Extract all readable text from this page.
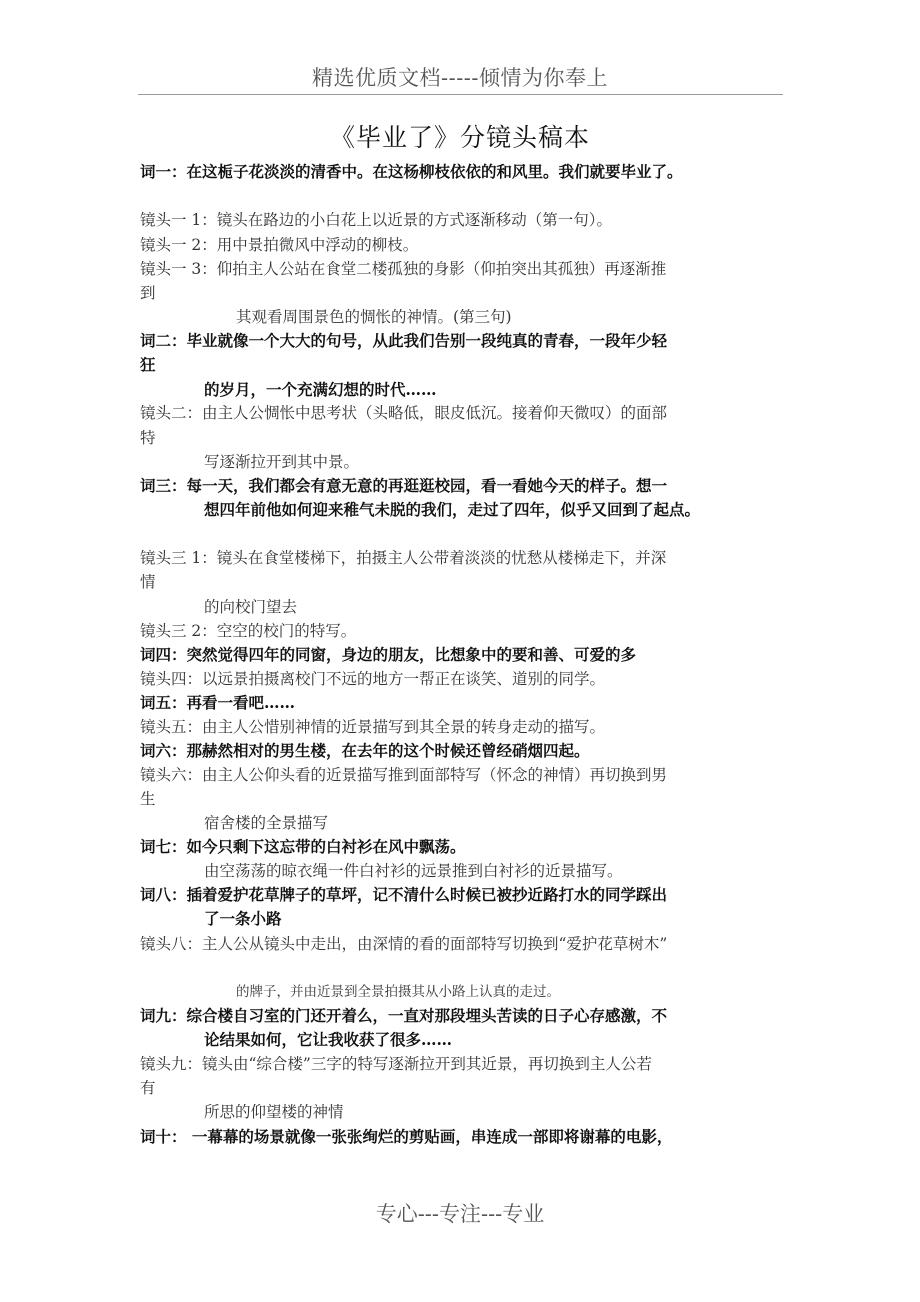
精选优质文档-----倾情为你奉上
《毕业了》分镜头稿本
词一：在这栀子花淡淡的清香中。在这杨柳枝依依的和风里。我们就要毕业了。
镜头一 1：镜头在路边的小白花上以近景的方式逐渐移动（第一句）。
镜头一 2：用中景拍微风中浮动的柳枝。
镜头一 3：仰拍主人公站在食堂二楼孤独的身影（仰拍突出其孤独）再逐渐推
到
其观看周围景色的惆怅的神情。(第三句)
词二：毕业就像一个大大的句号，从此我们告别一段纯真的青春，一段年少轻
狂
的岁月，一个充满幻想的时代……
镜头二：由主人公惆怅中思考状（头略低，眼皮低沉。接着仰天微叹）的面部
特
写逐渐拉开到其中景。
词三：每一天，我们都会有意无意的再逛逛校园，看一看她今天的样子。想一
想四年前他如何迎来稚气未脱的我们，走过了四年，似乎又回到了起点。
镜头三 1：镜头在食堂楼梯下，拍摄主人公带着淡淡的忧愁从楼梯走下，并深
情
的向校门望去
镜头三 2：空空的校门的特写。
词四：突然觉得四年的同窗，身边的朋友，比想象中的要和善、可爱的多
镜头四：以远景拍摄离校门不远的地方一帮正在谈笑、道别的同学。
词五：再看一看吧……
镜头五：由主人公惜别神情的近景描写到其全景的转身走动的描写。
词六：那赫然相对的男生楼，在去年的这个时候还曾经硝烟四起。
镜头六：由主人公仰头看的近景描写推到面部特写（怀念的神情）再切换到男
生
宿舍楼的全景描写
词七：如今只剩下这忘带的白衬衫在风中飘荡。
由空荡荡的晾衣绳一件白衬衫的远景推到白衬衫的近景描写。
词八：插着爱护花草牌子的草坪，记不清什么时候已被抄近路打水的同学踩出
了一条小路
镜头八：主人公从镜头中走出，由深情的看的面部特写切换到“爱护花草树木”
的牌子，并由近景到全景拍摄其从小路上认真的走过。
词九：综合楼自习室的门还开着么，一直对那段埋头苦读的日子心存感激，不
论结果如何，它让我收获了很多……
镜头九：镜头由“综合楼”三字的特写逐渐拉开到其近景，再切换到主人公若
有
所思的仰望楼的神情
词十： 一幕幕的场景就像一张张绚烂的剪贴画，串连成一部即将谢幕的电影，
专心---专注---专业
